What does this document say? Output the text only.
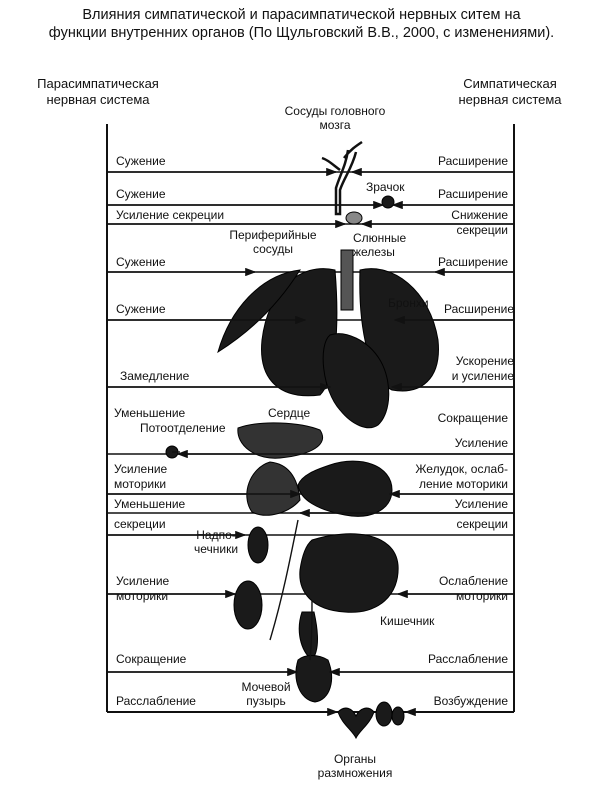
Влияния симпатической и парасимпатической нервных ситем на
функции внутренних органов (По Щульговский В.В., 2000, с изменениями).
Парасимпатическая
нервная система
Симпатическая
нервная система
Сужение
Сужение
Усиление секреции
Сужение
Сужение
Замедление
Уменьшение
Потоотделение
Усиление
моторики
Уменьшение
секреции
Усиление
моторики
Сокращение
Расслабление
Расширение
Расширение
Снижение
секреции
Расширение
Расширение
Ускорение
и усиление
Сокращение
Усиление
Желудок, ослаб-
ление моторики
Усиление
секреции
Ослабление
моторики
Расслабление
Возбуждение
Сосуды головного
мозга
Зрачок
Периферийные
сосуды
Слюнные
железы
Бронхи
Сердце
Надпо-
чечники
Кишечник
Мочевой
пузырь
Органы
размножения
